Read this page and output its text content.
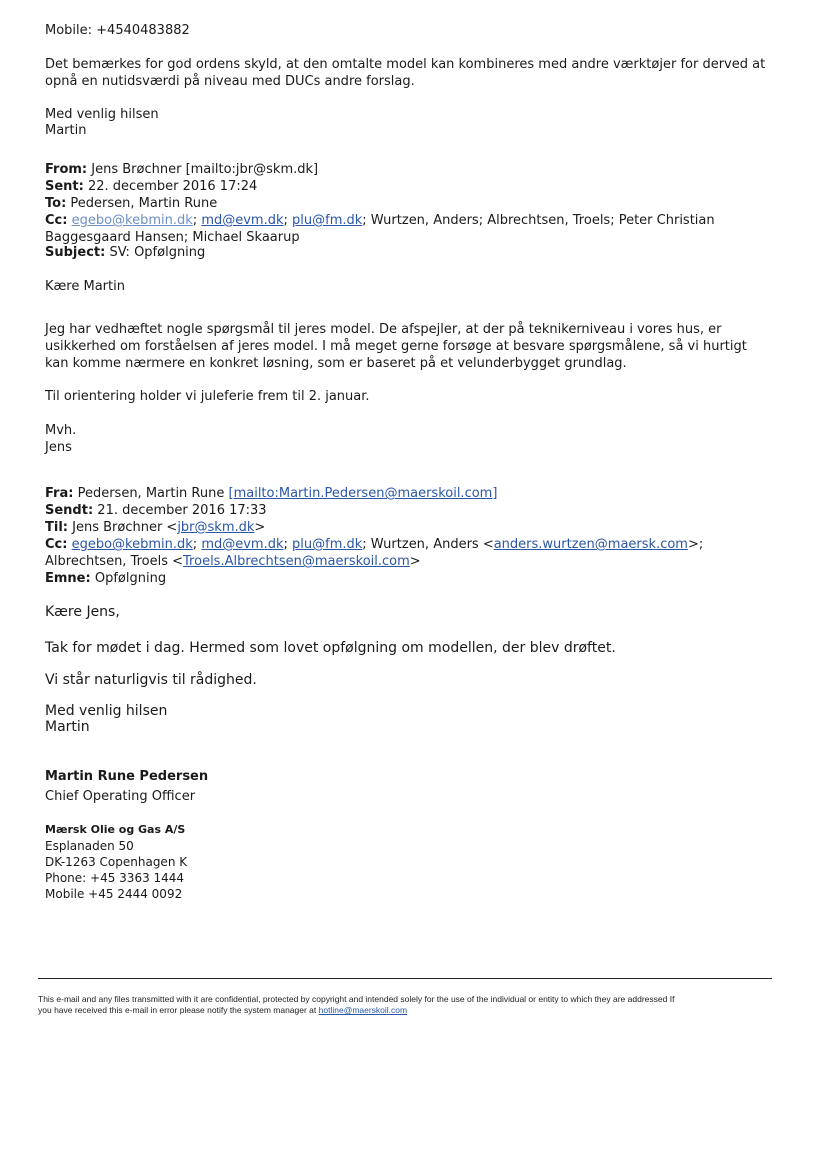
Mobile: +4540483882
Det bemærkes for god ordens skyld, at den omtalte model kan kombineres med andre værktøjer for derved at opnå en nutidsværdi på niveau med DUCs andre forslag.
Med venlig hilsen
Martin
From: Jens Brøchner [mailto:jbr@skm.dk]
Sent: 22. december 2016 17:24
To: Pedersen, Martin Rune
Cc: egebo@kebmin.dk; md@evm.dk; plu@fm.dk; Wurtzen, Anders; Albrechtsen, Troels; Peter Christian Baggesgaard Hansen; Michael Skaarup
Subject: SV: Opfølgning
Kære Martin
Jeg har vedhæftet nogle spørgsmål til jeres model. De afspejler, at der på teknikerniveau i vores hus, er usikkerhed om forståelsen af jeres model. I må meget gerne forsøge at besvare spørgsmålene, så vi hurtigt kan komme nærmere en konkret løsning, som er baseret på et velunderbygget grundlag.
Til orientering holder vi juleferie frem til 2. januar.
Mvh.
Jens
Fra: Pedersen, Martin Rune [mailto:Martin.Pedersen@maerskoil.com]
Sendt: 21. december 2016 17:33
Til: Jens Brøchner <jbr@skm.dk>
Cc: egebo@kebmin.dk; md@evm.dk; plu@fm.dk; Wurtzen, Anders <anders.wurtzen@maersk.com>; Albrechtsen, Troels <Troels.Albrechtsen@maerskoil.com>
Emne: Opfølgning
Kære Jens,
Tak for mødet i dag. Hermed som lovet opfølgning om modellen, der blev drøftet.
Vi står naturligvis til rådighed.
Med venlig hilsen
Martin
Martin Rune Pedersen
Chief Operating Officer
Mærsk Olie og Gas A/S
Esplanaden 50
DK-1263 Copenhagen K
Phone: +45 3363 1444
Mobile +45 2444 0092
This e-mail and any files transmitted with it are confidential, protected by copyright and intended solely for the use of the individual or entity to which they are addressed If
you have received this e-mail in error please notify the system manager at hotline@maerskoil.com
